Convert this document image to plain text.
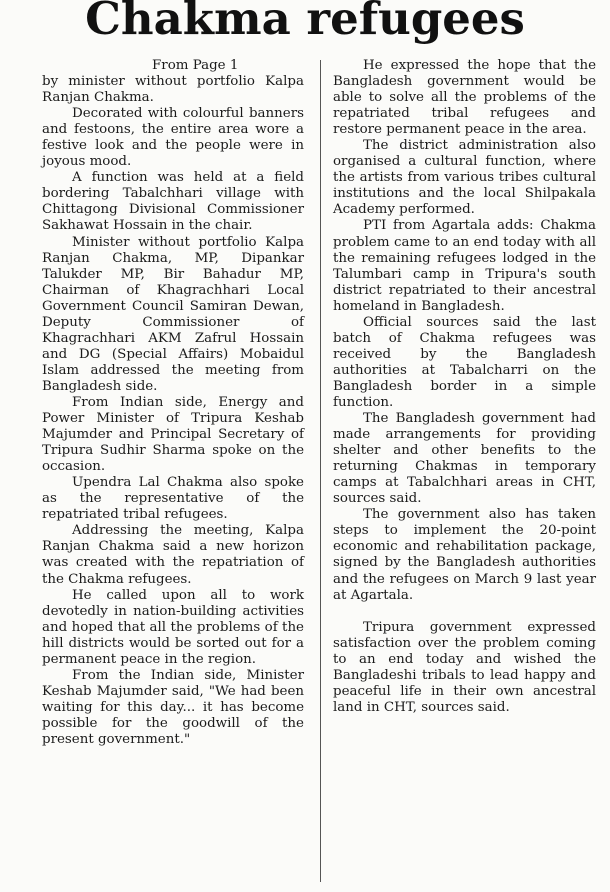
Chakma refugees

From Page 1

by minister without portfolio Kalpa Ranjan Chakma.

Decorated with colourful banners and festoons, the entire area wore a festive look and the people were in joyous mood.

A function was held at a field bordering Tabalchhari village with Chittagong Divisional Commissioner Sakhawat Hossain in the chair.

Minister without portfolio Kalpa Ranjan Chakma, MP, Dipankar Talukder MP, Bir Bahadur MP, Chairman of Khagrachhari Local Government Council Samiran Dewan, Deputy Commissioner of Khagrachhari AKM Zafrul Hossain and DG (Special Affairs) Mobaidul Islam addressed the meeting from Bangladesh side.

From Indian side, Energy and Power Minister of Tripura Keshab Majumder and Principal Secretary of Tripura Sudhir Sharma spoke on the occasion.

Upendra Lal Chakma also spoke as the representative of the repatriated tribal refugees.

Addressing the meeting, Kalpa Ranjan Chakma said a new horizon was created with the repatriation of the Chakma refugees.

He called upon all to work devotedly in nation-building activities and hoped that all the problems of the hill districts would be sorted out for a permanent peace in the region.

From the Indian side, Minister Keshab Majumder said, "We had been waiting for this day... it has become possible for the goodwill of the present government."

He expressed the hope that the Bangladesh government would be able to solve all the problems of the repatriated tribal refugees and restore permanent peace in the area.

The district administration also organised a cultural function, where the artists from various tribes cultural institutions and the local Shilpakala Academy performed.

PTI from Agartala adds: Chakma problem came to an end today with all the remaining refugees lodged in the Talumbari camp in Tripura's south district repatriated to their ancestral homeland in Bangladesh.

Official sources said the last batch of Chakma refugees was received by the Bangladesh authorities at Tabalcharri on the Bangladesh border in a simple function.

The Bangladesh government had made arrangements for providing shelter and other benefits to the returning Chakmas in temporary camps at Tabalchhari areas in CHT, sources said.

The government also has taken steps to implement the 20-point economic and rehabilitation package, signed by the Bangladesh authorities and the refugees on March 9 last year at Agartala.

Tripura government expressed satisfaction over the problem coming to an end today and wished the Bangladeshi tribals to lead happy and peaceful life in their own ancestral land in CHT, sources said.
